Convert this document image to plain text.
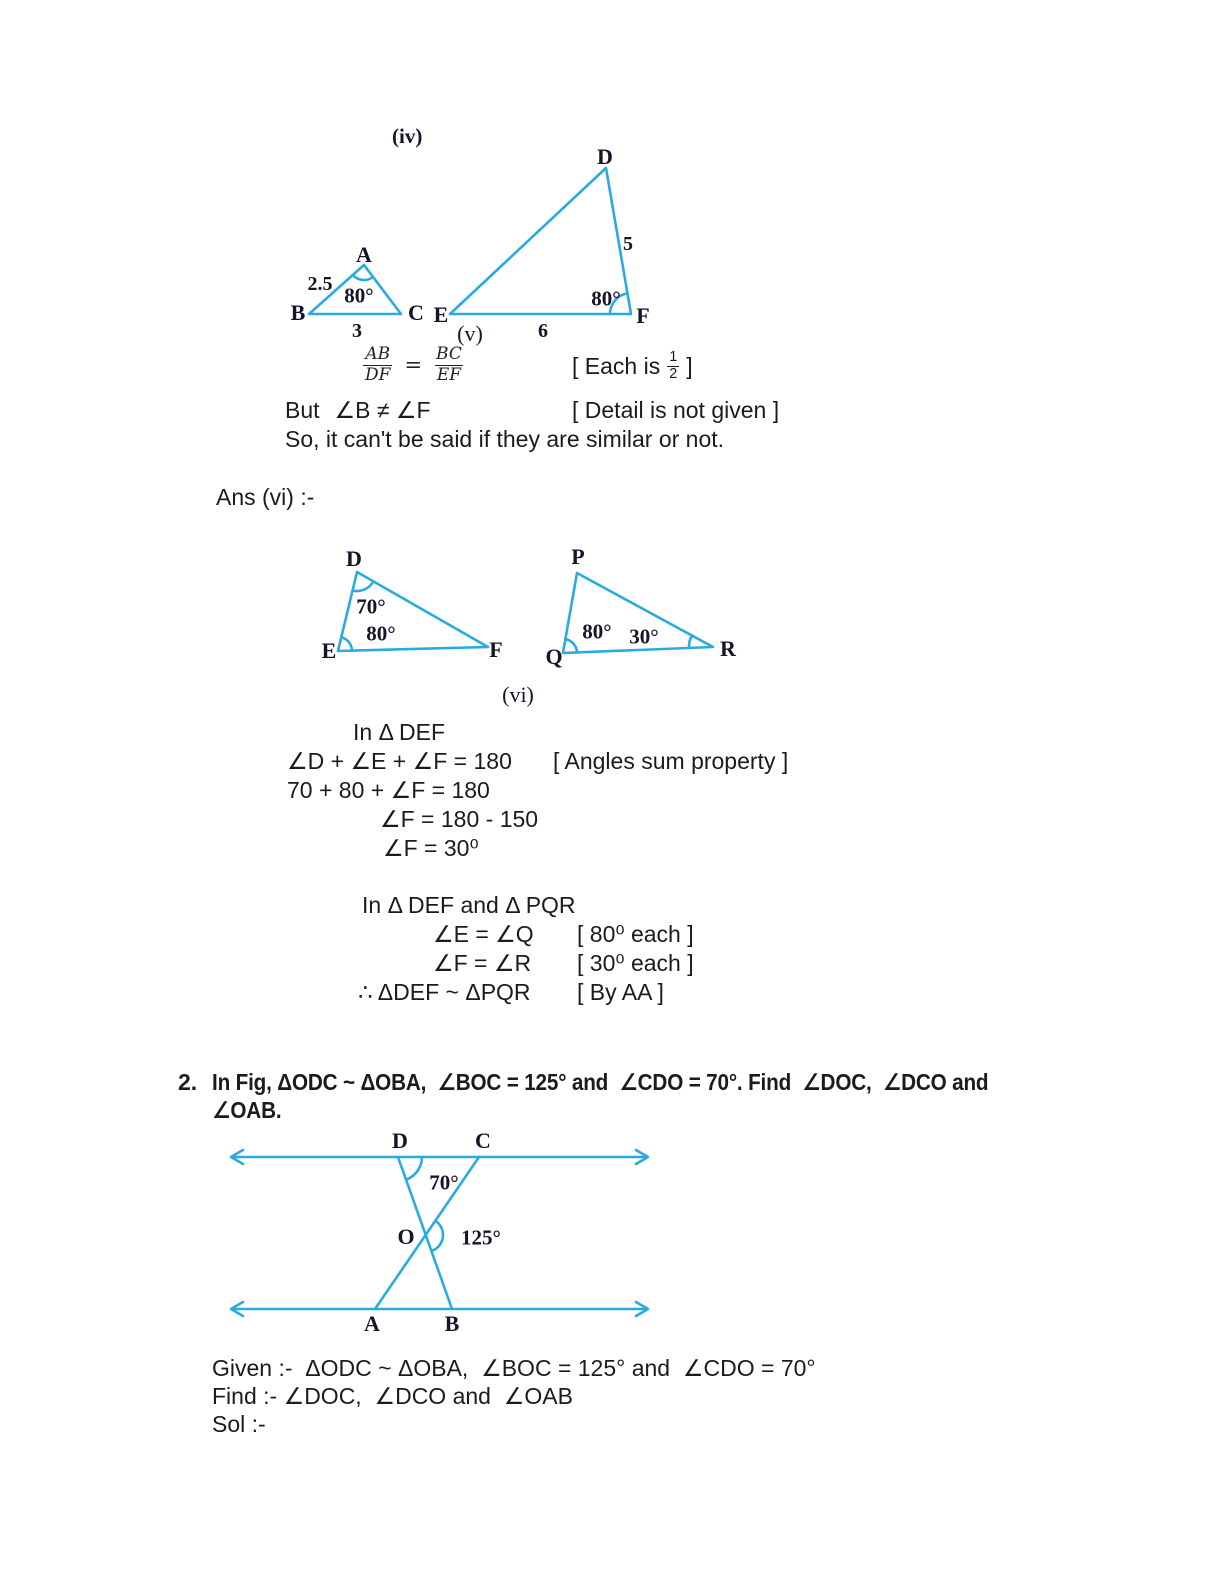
(iv)
A
B	C
2.5 80°
3
D
E	F
5
80°
6
(v)
$\frac{AB}{DF} = \frac{BC}{EF}$	[ Each is $\frac{1}{2}$ ]
But ∠B ≠ ∠F	[ Detail is not given ]
So, it can't be said if they are similar or not.
Ans (vi) :-
D
E	F
70°
80°
P
Q	R
80° 30°
(vi)
In Δ DEF
∠D + ∠E + ∠F = 180 [ Angles sum property ]
70 + 80 + ∠F = 180
∠F = 180 - 150
∠F = 30⁰
In Δ DEF and Δ PQR
∠E = ∠Q [ 80⁰ each ]
∠F = ∠R [ 30⁰ each ]
∴ ΔDEF ~ ΔPQR [ By AA ]
2. In Fig, ΔODC ~ ΔOBA,  ∠BOC = 125° and  ∠CDO = 70°. Find  ∠DOC,  ∠DCO and
∠OAB.
D	C
O
A	B
70°
125°
Given :-  ΔODC ~ ΔOBA,  ∠BOC = 125° and  ∠CDO = 70°
Find :- ∠DOC,  ∠DCO and  ∠OAB
Sol :-
